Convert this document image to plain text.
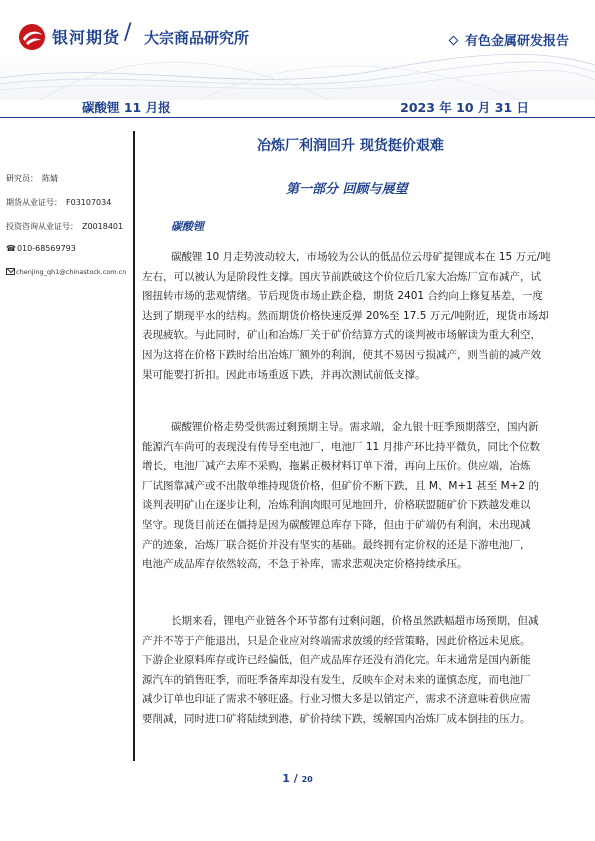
银河期货 / 大宗商品研究所	有色金属研发报告
碳酸锂 11 月报	2023 年 10 月 31 日
研究员： 陈婧
期货从业证号： F03107034
投资咨询从业证号： Z0018401
☎010-68569793
chenjing_qh1@chinastock.com.cn
冶炼厂利润回升 现货挺价艰难
第一部分 回顾与展望
碳酸锂
碳酸锂 10 月走势波动较大，市场较为公认的低品位云母矿提锂成本在 15 万元/吨
左右，可以被认为是阶段性支撑。国庆节前跌破这个价位后几家大冶炼厂宣布减产，试
图扭转市场的悲观情绪。节后现货市场止跌企稳，期货 2401 合约向上修复基差，一度
达到了期现平水的结构。然而期货价格快速反弹 20%至 17.5 万元/吨附近，现货市场却
表现疲软。与此同时，矿山和冶炼厂关于矿价结算方式的谈判被市场解读为重大利空，
因为这将在价格下跌时给出冶炼厂额外的利润，使其不易因亏损减产，则当前的减产效
果可能要打折扣。因此市场重返下跌，并再次测试前低支撑。
碳酸锂价格走势受供需过剩预期主导。需求端，金九银十旺季预期落空，国内新
能源汽车尚可的表现没有传导至电池厂，电池厂 11 月排产环比持平微负，同比个位数
增长，电池厂减产去库不采购，拖累正极材料订单下滑，再向上压价。供应端，冶炼
厂试图靠减产或不出散单维持现货价格，但矿价不断下跌，且 M、M+1 甚至 M+2 的
谈判表明矿山在逐步让利，冶炼利润肉眼可见地回升，价格联盟随矿价下跌越发难以
坚守。现货目前还在僵持是因为碳酸锂总库存下降，但由于矿端仍有利润，未出现减
产的迹象，冶炼厂联合挺价并没有坚实的基础。最终拥有定价权的还是下游电池厂，
电池产成品库存依然较高，不急于补库，需求悲观决定价格持续承压。
长期来看，锂电产业链各个环节都有过剩问题，价格虽然跌幅超市场预期，但减
产并不等于产能退出，只是企业应对终端需求放缓的经营策略，因此价格远未见底。
下游企业原料库存或许已经偏低，但产成品库存还没有消化完。年末通常是国内新能
源汽车的销售旺季，而旺季备库却没有发生，反映车企对未来的谨慎态度，而电池厂
减少订单也印证了需求不够旺盛。行业习惯大多是以销定产，需求不济意味着供应需
要削减，同时进口矿将陆续到港，矿价持续下跌，缓解国内冶炼厂成本倒挂的压力。
1 / 20
